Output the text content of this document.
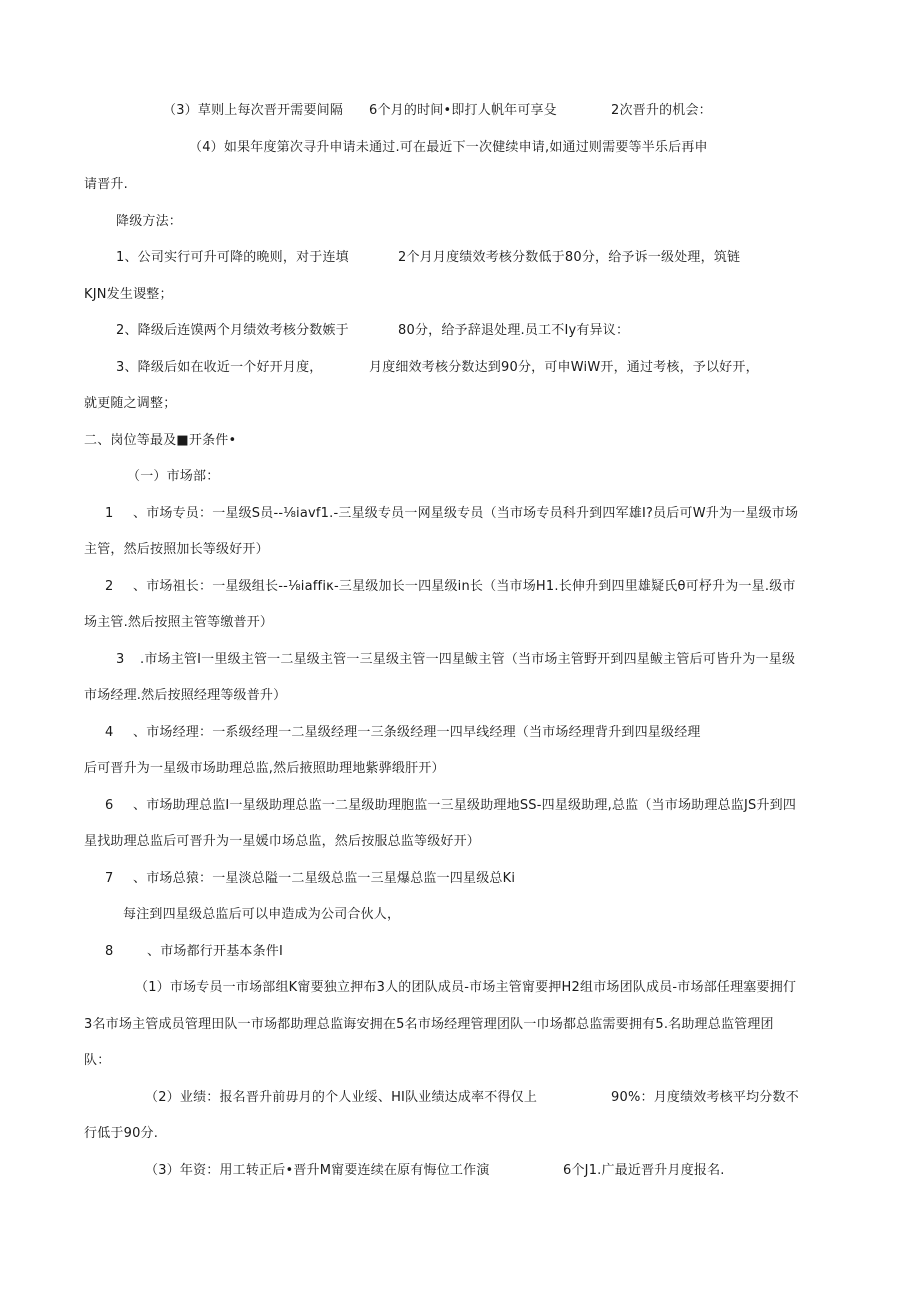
（3）草则上每次晋开需要间隔 6个月的时间•即打人帆年可享殳	2次晋升的机会：
（4）如果年度第次寻升申请未通过.可在最近下一次健续申请,如通过则需要等半乐后再申
请晋升.
降级方法：
1、公司实行可升可降的晩则，对于连填	2个月月度绩效考核分数低于80分，给予诉一级处理，筑链
KJN发生谡整；
2、降级后连馍两个月绩效考核分数嫉于	80分，给予辞退处理.员工不Iy有异议：
3、降级后如在收近一个好开月度，	月度细效考核分数达到90分，可申WiW开，通过考核，予以好开，
就更随之调整；
二、岗位等最及■开条件•
（一）市场部：
1 、市场专员：一星级S员--⅛iavf1.-三星级专员一网星级专员（当市场专员科升到四军雄I?员后可W升为一星级市场
主管，然后按照加长等级好开）
2 、市场祖长：一星级组长--⅛iaffiκ-三星级加长一四星级in长（当市场H1.长伸升到四里雄疑氏θ可杼升为一星.级市
场主管.然后按照主管等缴普开）
3 .市场主管I一里级主管一二星级主管一三星级主管一四星鲅主管（当市场主管野开到四星鲅主管后可皆升为一星级
市场经理.然后按照经理等级普升）
4 、市场经理：一系级经理一二星级经理一三条级经理一四早线经理（当市场经理背升到四星级经理
后可晋升为一星级市场助理总监,然后掖照助理地紫骅缎肝开）
6 、市场助理总监I一星级助理总监一二星级助理胞监一三星级助理地SS-四星级助理,总监（当市场助理总监JS升到四
星找助理总监后可晋升为一星媛巾场总监，然后按服总监等级好开）
7 、市场总猿：一星淡总隘一二星级总监一三星爆总监一四星级总Ki
每注到四星级总监后可以申造成为公司合伙人，
8	、市场都行开基本条件I
（1）市场专员一市场部组K甯要独立押布3人的团队成员-市场主管甯要押H2组市场团队成员-市场部任理塞要拥仃
3名市场主管成员管理田队一市场都助理总监诲安拥在5名市场经理管理团队一巾场都总监需要拥有5.名助理总监管理团
队：
（2）业绩：报名晋升前毋月的个人业绥、HI队业绩达成率不得仅上	90%：月度绩效考核平均分数不
行低于90分.
（3）年资：用工转正后•晋升M甯要连续在原有悔位工作演	6个J1.广最近晋升月度报名.
